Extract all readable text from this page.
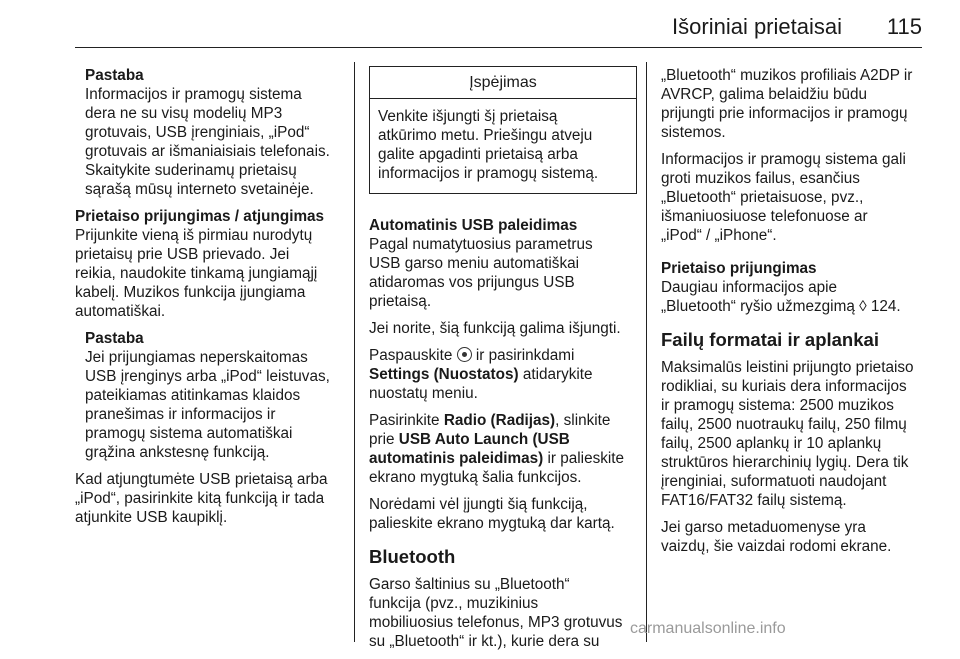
Išoriniai prietaisai 115
Pastaba

Informacijos ir pramogų sistema
dera ne su visų modelių MP3
grotuvais, USB įrenginiais, „iPod“
grotuvais ar išmaniaisiais telefonais.
Skaitykite suderinamų prietaisų
sąrašą mūsų interneto svetainėje.

Prietaiso prijungimas / atjungimas

Prijunkite vieną iš pirmiau nurodytų
prietaisų prie USB prievado. Jei
reikia, naudokite tinkamą jungiamąjį
kabelį. Muzikos funkcija įjungiama
automatiškai.

Pastaba

Jei prijungiamas neperskaitomas
USB įrenginys arba „iPod“ leistuvas,
pateikiamas atitinkamas klaidos
pranešimas ir informacijos ir
pramogų sistema automatiškai
grąžina ankstesnę funkciją.

Kad atjungtumėte USB prietaisą arba
„iPod“, pasirinkite kitą funkciją ir tada
atjunkite USB kaupiklį.

Įspėjimas
Venkite išjungti šį prietaisą
atkūrimo metu. Priešingu atveju
galite apgadinti prietaisą arba
informacijos ir pramogų sistemą.
Automatinis USB paleidimas

Pagal numatytuosius parametrus
USB garso meniu automatiškai
atidaromas vos prijungus USB
prietaisą.

Jei norite, šią funkciją galima išjungti.

Paspauskite ir pasirinkdami
Settings (Nuostatos) atidarykite
nuostatų meniu.

Pasirinkite Radio (Radijas), slinkite
prie USB Auto Launch (USB
automatinis paleidimas) ir palieskite
ekrano mygtuką šalia funkcijos.

Norėdami vėl įjungti šią funkciją,
palieskite ekrano mygtuką dar kartą.

Bluetooth

Garso šaltinius su „Bluetooth“
funkcija (pvz., muzikinius
mobiliuosius telefonus, MP3 grotuvus
su „Bluetooth“ ir kt.), kurie dera su

„Bluetooth“ muzikos profiliais A2DP ir
AVRCP, galima belaidžiu būdu
prijungti prie informacijos ir pramogų
sistemos.

Informacijos ir pramogų sistema gali
groti muzikos failus, esančius
„Bluetooth“ prietaisuose, pvz.,
išmaniuosiuose telefonuose ar
„iPod“ / „iPhone“.

Prietaiso prijungimas

Daugiau informacijos apie
„Bluetooth“ ryšio užmezgimą ◊ 124.

Failų formatai ir aplankai

Maksimalūs leistini prijungto prietaiso
rodikliai, su kuriais dera informacijos
ir pramogų sistema: 2500 muzikos
failų, 2500 nuotraukų failų, 250 filmų
failų, 2500 aplankų ir 10 aplankų
struktūros hierarchinių lygių. Dera tik
įrenginiai, suformatuoti naudojant
FAT16/FAT32 failų sistemą.

Jei garso metaduomenyse yra
vaizdų, šie vaizdai rodomi ekrane.

carmanualsonline.info
